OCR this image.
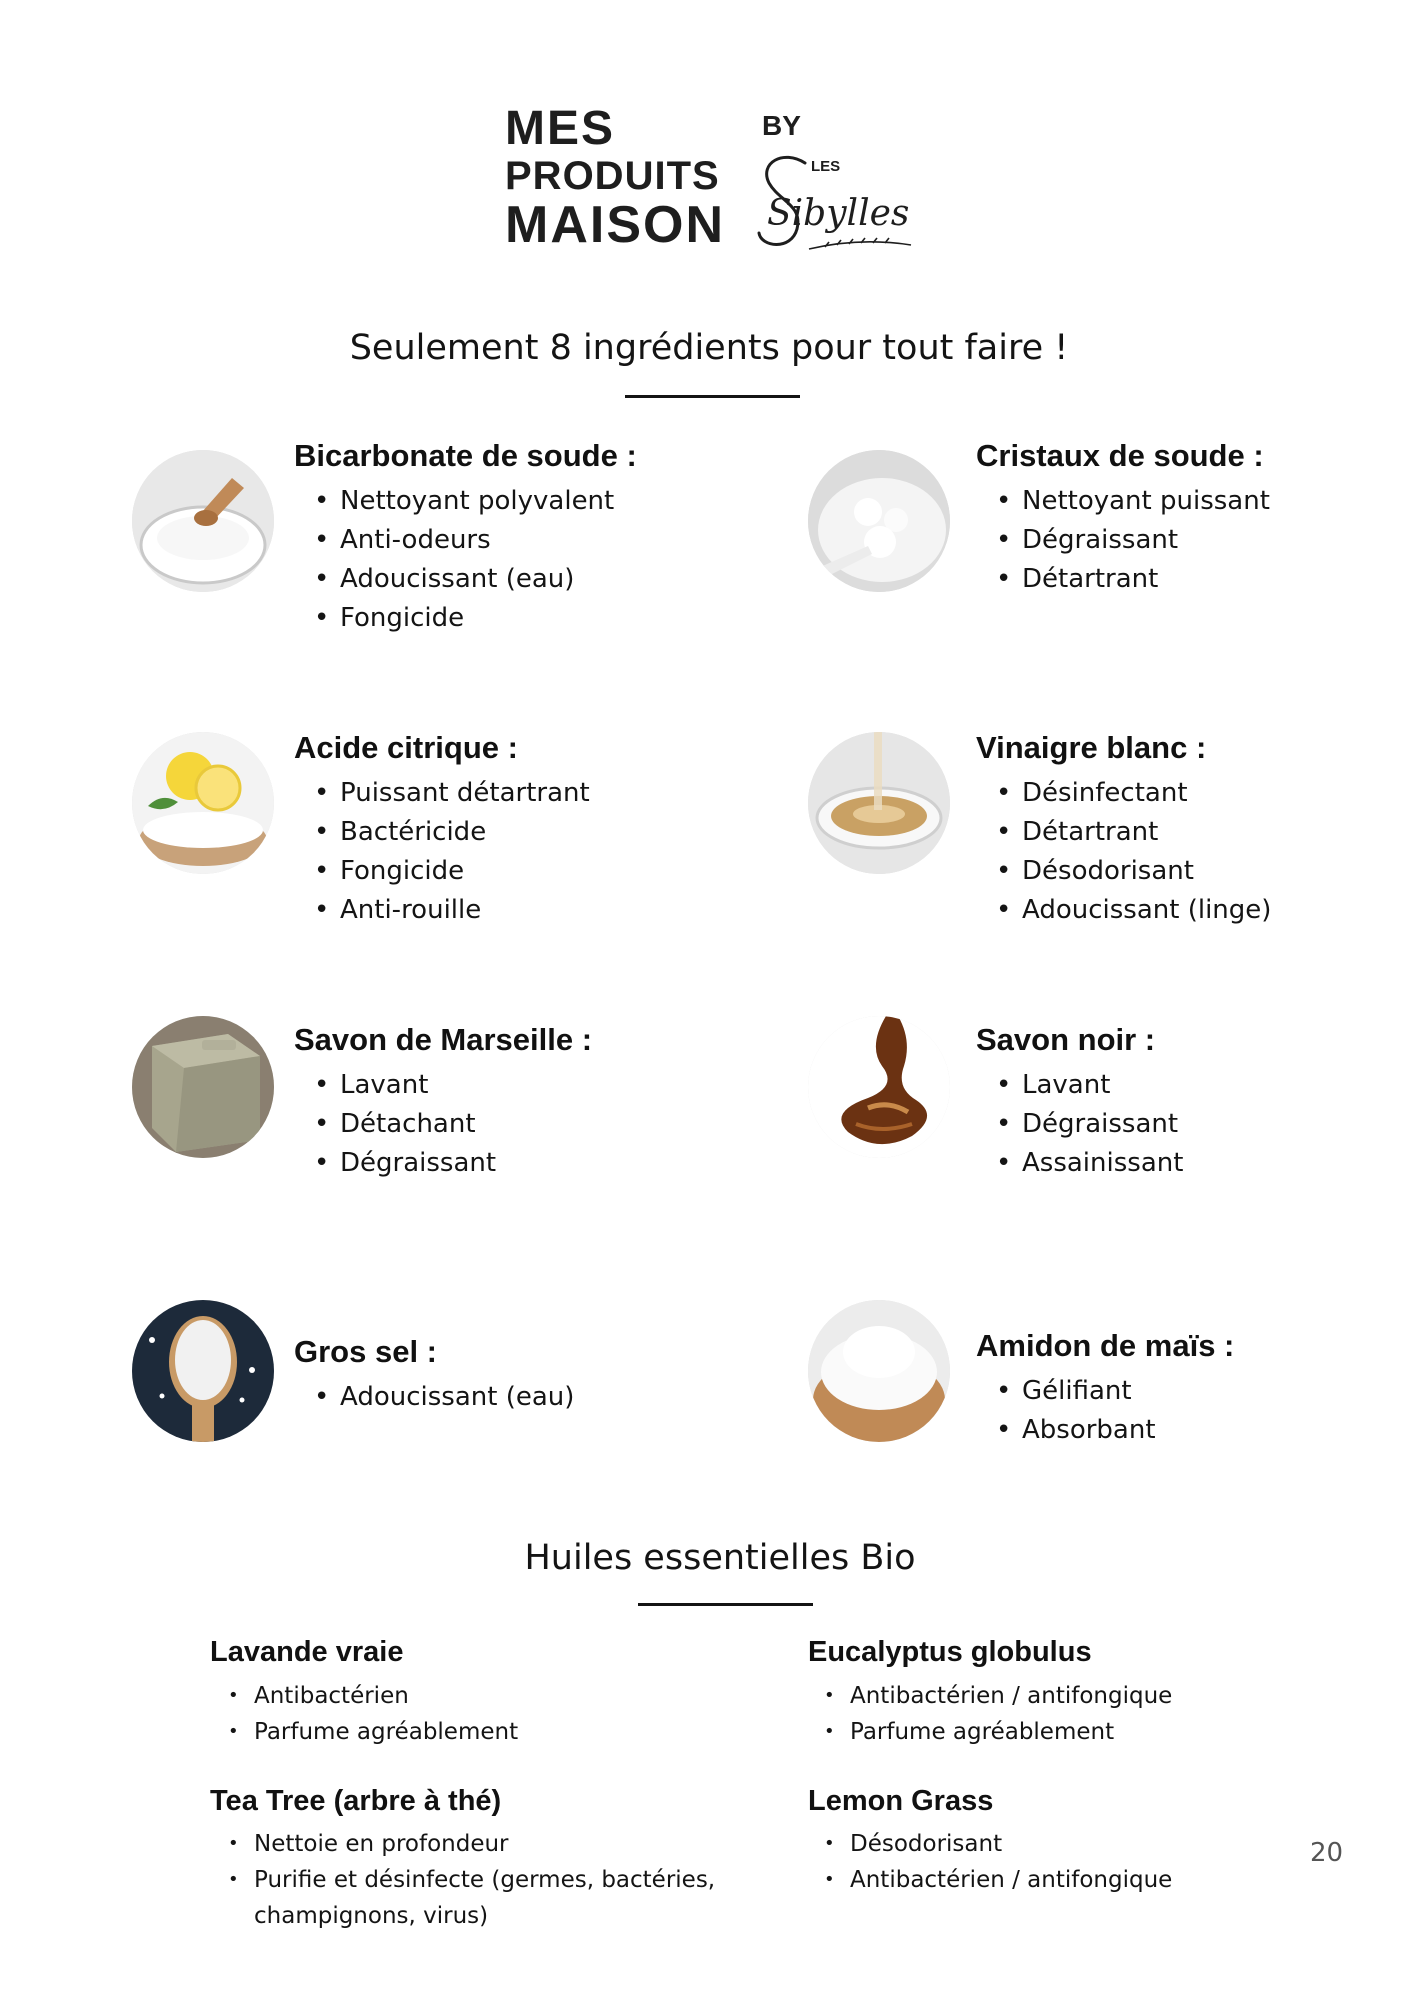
MES
PRODUITS
MAISON
BY
LES
Sibylles
Seulement 8 ingrédients pour tout faire !
Bicarbonate de soude :
• Nettoyant polyvalent
• Anti-odeurs
• Adoucissant (eau)
• Fongicide
Cristaux de soude :
• Nettoyant puissant
• Dégraissant
• Détartrant
Acide citrique :
• Puissant détartrant
• Bactéricide
• Fongicide
• Anti-rouille
Vinaigre blanc :
• Désinfectant
• Détartrant
• Désodorisant
• Adoucissant (linge)
Savon de Marseille :
• Lavant
• Détachant
• Dégraissant
Savon noir :
• Lavant
• Dégraissant
• Assainissant
Gros sel :
• Adoucissant (eau)
Amidon de maïs :
• Gélifiant
• Absorbant
Huiles essentielles Bio
Lavande vraie
• Antibactérien
• Parfume agréablement
Eucalyptus globulus
• Antibactérien / antifongique
• Parfume agréablement
Tea Tree (arbre à thé)
• Nettoie en profondeur
• Purifie et désinfecte (germes, bactéries, champignons, virus)
Lemon Grass
• Désodorisant
• Antibactérien / antifongique
20
